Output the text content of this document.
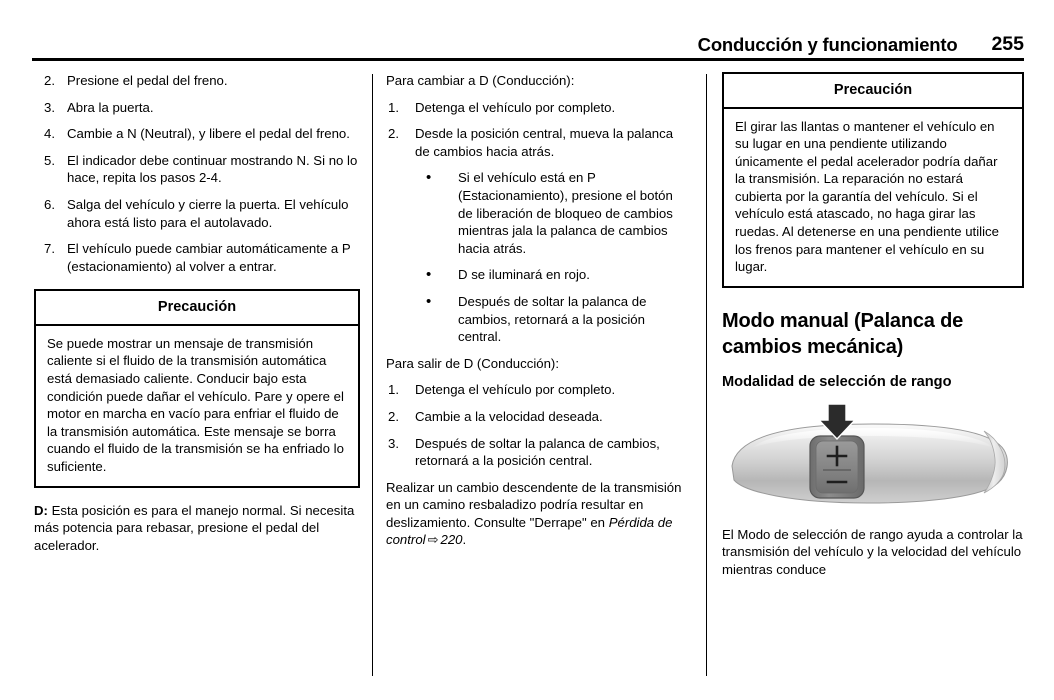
Conducción y funcionamiento 255
2. Presione el pedal del freno.
3. Abra la puerta.
4. Cambie a N (Neutral), y libere el pedal del freno.
5. El indicador debe continuar mostrando N. Si no lo hace, repita los pasos 2-4.
6. Salga del vehículo y cierre la puerta. El vehículo ahora está listo para el autolavado.
7. El vehículo puede cambiar automáticamente a P (estacionamiento) al volver a entrar.
Precaución
Se puede mostrar un mensaje de transmisión caliente si el fluido de la transmisión automática está demasiado caliente. Conducir bajo esta condición puede dañar el vehículo. Pare y opere el motor en marcha en vacío para enfriar el fluido de la transmisión automática. Este mensaje se borra cuando el fluido de la transmisión se ha enfriado lo suficiente.

D: Esta posición es para el manejo normal. Si necesita más potencia para rebasar, presione el pedal del acelerador.

Para cambiar a D (Conducción):

1. Detenga el vehículo por completo.
2. Desde la posición central, mueva la palanca de cambios hacia atrás.
• Si el vehículo está en P (Estacionamiento), presione el botón de liberación de bloqueo de cambios mientras jala la palanca de cambios hacia atrás.
• D se iluminará en rojo.
• Después de soltar la palanca de cambios, retornará a la posición central.

Para salir de D (Conducción):

1. Detenga el vehículo por completo.
2. Cambie a la velocidad deseada.
3. Después de soltar la palanca de cambios, retornará a la posición central.

Realizar un cambio descendente de la transmisión en un camino resbaladizo podría resultar en deslizamiento. Consulte "Derrape" en Pérdida de control ⇨ 220.

Precaución
El girar las llantas o mantener el vehículo en su lugar en una pendiente utilizando únicamente el pedal acelerador podría dañar la transmisión. La reparación no estará cubierta por la garantía del vehículo. Si el vehículo está atascado, no haga girar las ruedas. Al detenerse en una pendiente utilice los frenos para mantener el vehículo en su lugar.
Modo manual (Palanca de cambios mecánica)
Modalidad de selección de rango

El Modo de selección de rango ayuda a controlar la transmisión del vehículo y la velocidad del vehículo mientras conduce
